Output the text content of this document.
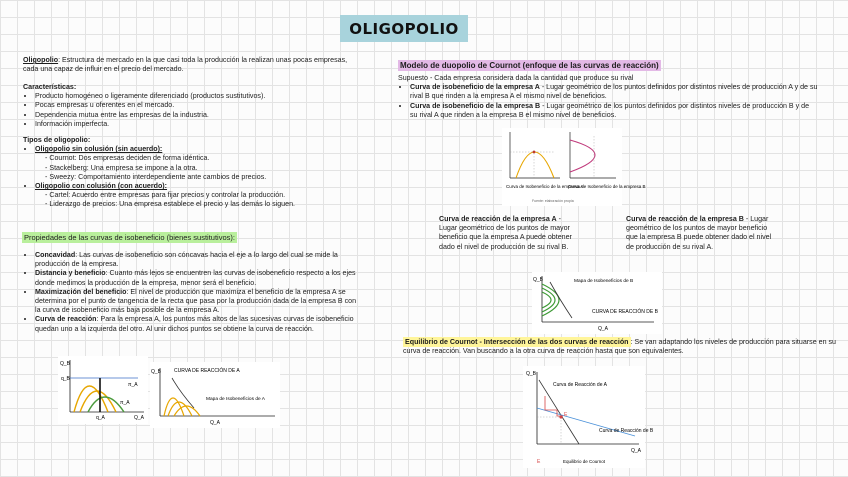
OLIGOPOLIO
Oligopolio: Estructura de mercado en la que casi toda la producción la realizan unas pocas empresas, cada una capaz de influir en el precio del mercado.
Características:
• Producto homogéneo o ligeramente diferenciado (productos sustitutivos).
• Pocas empresas u oferentes en el mercado.
• Dependencia mutua entre las empresas de la industria.
• Información imperfecta.
Tipos de oligopolio:
• Oligopolio sin colusión (sin acuerdo):
- Cournot: Dos empresas deciden de forma idéntica.
- Stackelberg: Una empresa se impone a la otra.
- Sweezy: Comportamiento interdependiente ante cambios de precios.
• Oligopolio con colusión (con acuerdo):
- Cartel: Acuerdo entre empresas para fijar precios y controlar la producción.
- Liderazgo de precios: Una empresa establece el precio y las demás lo siguen.
Propiedades de las curvas de isobeneficio (bienes sustitutivos):
• Concavidad: Las curvas de isobeneficio son cóncavas hacia el eje a lo largo del cual se mide la producción de la empresa.
• Distancia y beneficio: Cuanto más lejos se encuentren las curvas de isobeneficio respecto a los ejes donde medimos la producción de la empresa, menor será el beneficio.
• Maximización del beneficio: El nivel de producción que maximiza el beneficio de la empresa A se determina por el punto de tangencia de la recta que pasa por la producción dada de la empresa B con la curva de isobeneficio más baja posible de la empresa A.
• Curva de reacción: Para la empresa A, los puntos más altos de las sucesivas curvas de isobeneficio quedan uno a la izquierda del otro. Al unir dichos puntos se obtiene la curva de reacción.
Q_B
q_B
π_A
π_A
q_A	Q_A
Q_B	CURVA DE REACCIÓN DE A
Mapa de Isobeneficios de A
Q_A
Modelo de duopolio de Cournot (enfoque de las curvas de reacción)
Supuesto - Cada empresa considera dada la cantidad que produce su rival
• Curva de isobeneficio de la empresa A - Lugar geométrico de los puntos definidos por distintos niveles de producción A y de su rival B que rinden a la empresa A el mismo nivel de beneficios.
• Curva de isobeneficio de la empresa B - Lugar geométrico de los puntos definidos por distintos niveles de producción B y de su rival A que rinden a la empresa B el mismo nivel de beneficios.
Curva de Isobeneficio de la empresa A
Curva de Isobeneficio de la empresa B
Fuente: elaboración propia
Curva de reacción de la empresa A - Lugar geométrico de los puntos de mayor beneficio que la empresa A puede obtener dado el nivel de producción de su rival B.
Curva de reacción de la empresa B - Lugar geométrico de los puntos de mayor beneficio que la empresa B puede obtener dado el nivel de producción de su rival A.
Q_B	Mapa de Isobeneficios de B
CURVA DE REACCIÓN DE B
Q_A
Equilibrio de Cournot - Intersección de las dos curvas de reacción : Se van adaptando los niveles de producción para situarse en su curva de reacción. Van buscando a la otra curva de reacción hasta que son equivalentes.
Q_B
Curva de Reacción de A
Curva de Reacción de B
E
Q_A
E	Equilibrio de Cournot
